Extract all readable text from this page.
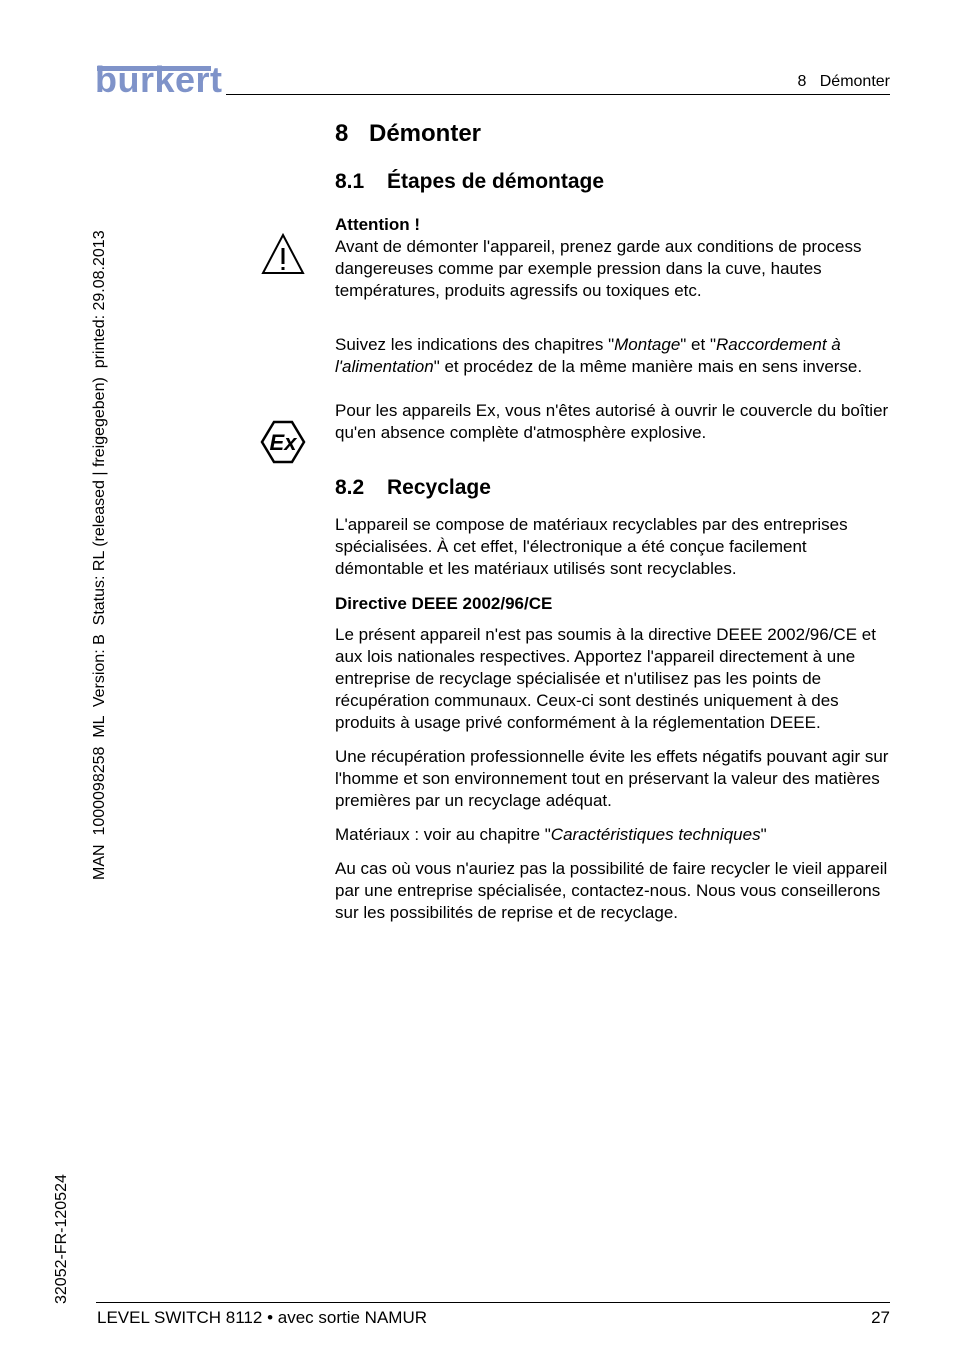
bürkert	8   Démonter
MAN  1000098258  ML  Version: B  Status: RL (released | freigegeben)  printed: 29.08.2013
32052-FR-120524
Ex
8 Démonter
8.1 Étapes de démontage

Attention !

Avant de démonter l'appareil, prenez garde aux conditions de process dangereuses comme par exemple pression dans la cuve, hautes températures, produits agressifs ou toxiques etc.

Suivez les indications des chapitres "Montage" et "Raccordement à l'alimentation" et procédez de la même manière mais en sens inverse.

Pour les appareils Ex, vous n'êtes autorisé à ouvrir le couvercle du boîtier qu'en absence complète d'atmosphère explosive.

8.2 Recyclage

L'appareil se compose de matériaux recyclables par des entreprises spécialisées. À cet effet, l'électronique a été conçue facilement démontable et les matériaux utilisés sont recyclables.

Directive DEEE 2002/96/CE

Le présent appareil n'est pas soumis à la directive DEEE 2002/96/CE et aux lois nationales respectives. Apportez l'appareil directement à une entreprise de recyclage spécialisée et n'utilisez pas les points de récupération communaux. Ceux-ci sont destinés uniquement à des produits à usage privé conformément à la réglementation DEEE.

Une récupération professionnelle évite les effets négatifs pouvant agir sur l'homme et son environnement tout en préservant la valeur des matières premières par un recyclage adéquat.

Matériaux : voir au chapitre "Caractéristiques techniques"

Au cas où vous n'auriez pas la possibilité de faire recycler le vieil appareil par une entreprise spécialisée, contactez-nous. Nous vous conseillerons sur les possibilités de reprise et de recyclage.

LEVEL SWITCH 8112 • avec sortie NAMUR	27
